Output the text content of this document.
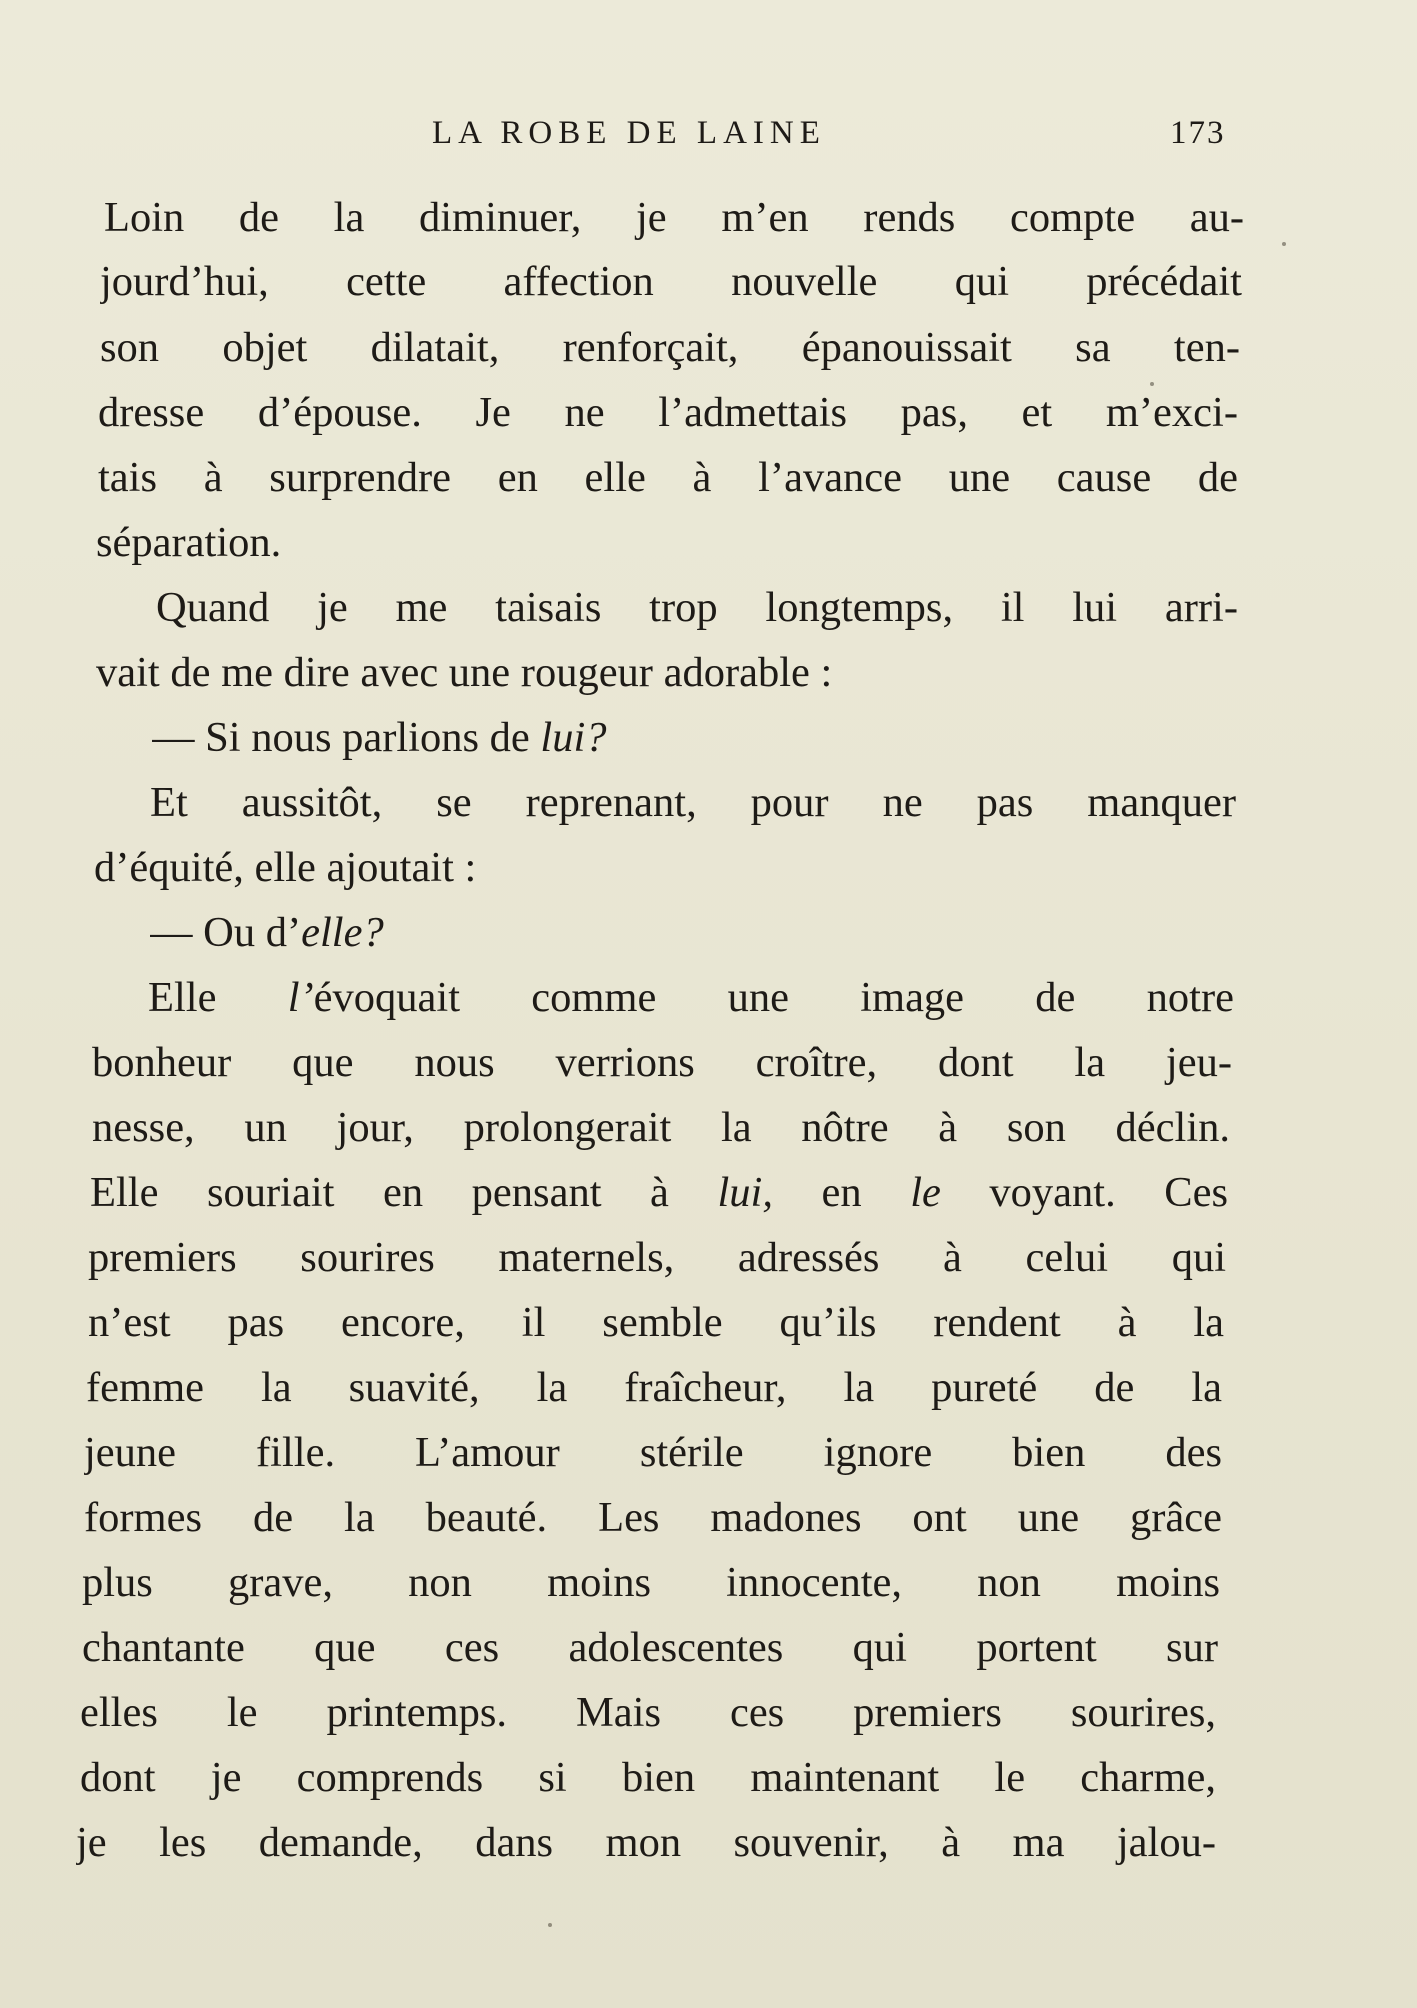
LA ROBE DE LAINE	173
Loin de la diminuer, je m’en rends compte au-
jourd’hui, cette affection nouvelle qui précédait
son objet dilatait, renforçait, épanouissait sa ten-
dresse d’épouse. Je ne l’admettais pas, et m’exci-
tais à surprendre en elle à l’avance une cause de
séparation.
Quand je me taisais trop longtemps, il lui arri-
vait de me dire avec une rougeur adorable :
— Si nous parlions de lui?
Et aussitôt, se reprenant, pour ne pas manquer
d’équité, elle ajoutait :
— Ou d’elle?
Elle l’évoquait comme une image de notre
bonheur que nous verrions croître, dont la jeu-
nesse, un jour, prolongerait la nôtre à son déclin.
Elle souriait en pensant à lui, en le voyant. Ces
premiers sourires maternels, adressés à celui qui
n’est pas encore, il semble qu’ils rendent à la
femme la suavité, la fraîcheur, la pureté de la
jeune fille. L’amour stérile ignore bien des
formes de la beauté. Les madones ont une grâce
plus grave, non moins innocente, non moins
chantante que ces adolescentes qui portent sur
elles le printemps. Mais ces premiers sourires,
dont je comprends si bien maintenant le charme,
je les demande, dans mon souvenir, à ma jalou-
